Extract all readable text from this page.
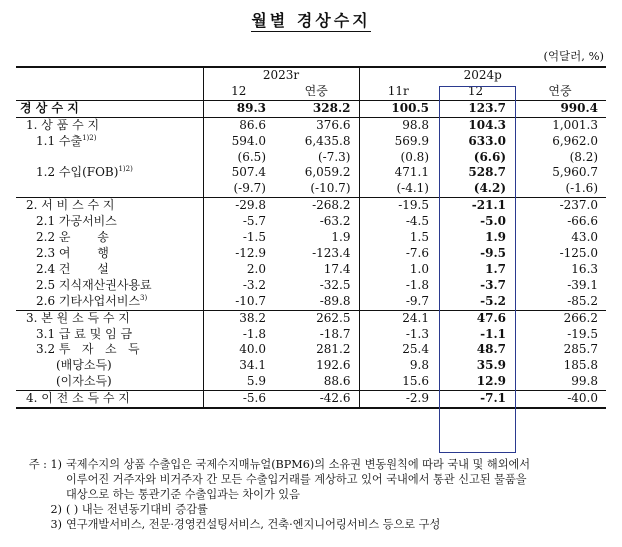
월별 경상수지
(억달러, %)
	2023r		2024p		
	12	연중	11r	12	연중
경 상 수 지	89.3	328.2	100.5	123.7	990.4
1. 상 품 수 지	86.6	376.6	98.8	104.3	1,001.3
1.1 수출$^{1)2)}$	594.0	6,435.8	569.9	633.0	6,962.0
	(6.5)	(-7.3)	(0.8)	(6.6)	(8.2)
1.2 수입(FOB)$^{1)2)}$	507.4	6,059.2	471.1	528.7	5,960.7
	(-9.7)	(-10.7)	(-4.1)	(4.2)	(-1.6)
2. 서 비 스 수 지	-29.8	-268.2	-19.5	-21.1	-237.0
2.1 가공서비스	-5.7	-63.2	-4.5	-5.0	-66.6
2.2 운       송	-1.5	1.9	1.5	1.9	43.0
2.3 여       행	-12.9	-123.4	-7.6	-9.5	-125.0
2.4 건       설	2.0	17.4	1.0	1.7	16.3
2.5 지식재산권사용료	-3.2	-32.5	-1.8	-3.7	-39.1
2.6 기타사업서비스$^{3)}$	-10.7	-89.8	-9.7	-5.2	-85.2
3. 본 원 소 득 수 지	38.2	262.5	24.1	47.6	266.2
3.1 급 료 및 임 금	-1.8	-18.7	-1.3	-1.1	-19.5
3.2 투   자   소   득	40.0	281.2	25.4	48.7	285.7
(배당소득)	34.1	192.6	9.8	35.9	185.8
(이자소득)	5.9	88.6	15.6	12.9	99.8
4. 이 전 소 득 수 지	-5.6	-42.6	-2.9	-7.1	-40.0
주 : 1) 국제수지의 상품 수출입은 국제수지매뉴얼(BPM6)의 소유권 변동원칙에 따라 국내 및 해외에서
이루어진 거주자와 비거주자 간 모든 수출입거래를 계상하고 있어 국내에서 통관 신고된 물품을
대상으로 하는 통관기준 수출입과는 차이가 있음
2) ( ) 내는 전년동기대비 증감률
3) 연구개발서비스, 전문·경영컨설팅서비스, 건축·엔지니어링서비스 등으로 구성
